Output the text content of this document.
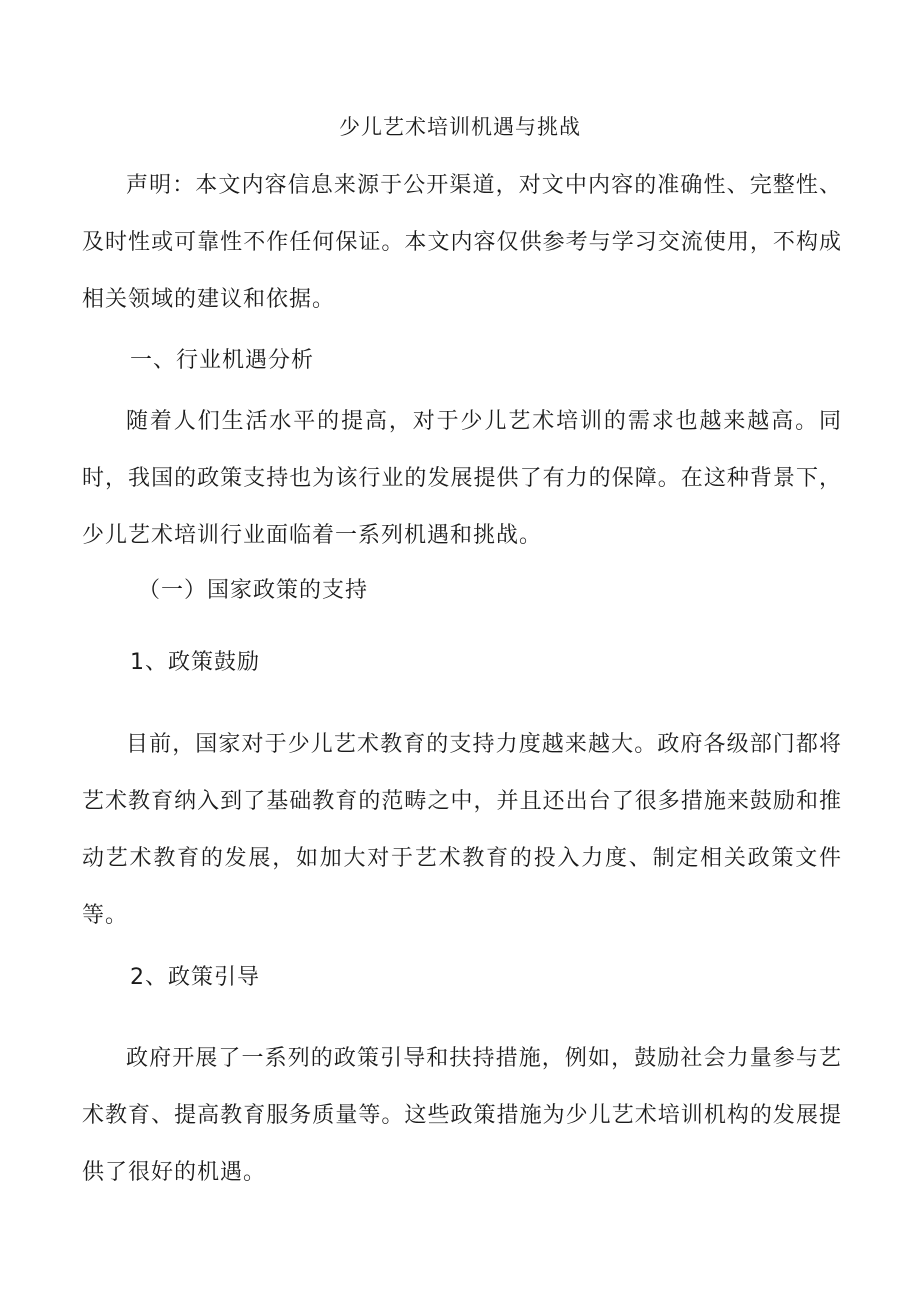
少儿艺术培训机遇与挑战

声明：本文内容信息来源于公开渠道，对文中内容的准确性、完整性、及时性或可靠性不作任何保证。本文内容仅供参考与学习交流使用，不构成相关领域的建议和依据。

一、行业机遇分析

随着人们生活水平的提高，对于少儿艺术培训的需求也越来越高。同时，我国的政策支持也为该行业的发展提供了有力的保障。在这种背景下，少儿艺术培训行业面临着一系列机遇和挑战。

（一）国家政策的支持
1、政策鼓励

目前，国家对于少儿艺术教育的支持力度越来越大。政府各级部门都将艺术教育纳入到了基础教育的范畴之中，并且还出台了很多措施来鼓励和推动艺术教育的发展，如加大对于艺术教育的投入力度、制定相关政策文件等。

2、政策引导

政府开展了一系列的政策引导和扶持措施，例如，鼓励社会力量参与艺术教育、提高教育服务质量等。这些政策措施为少儿艺术培训机构的发展提供了很好的机遇。
